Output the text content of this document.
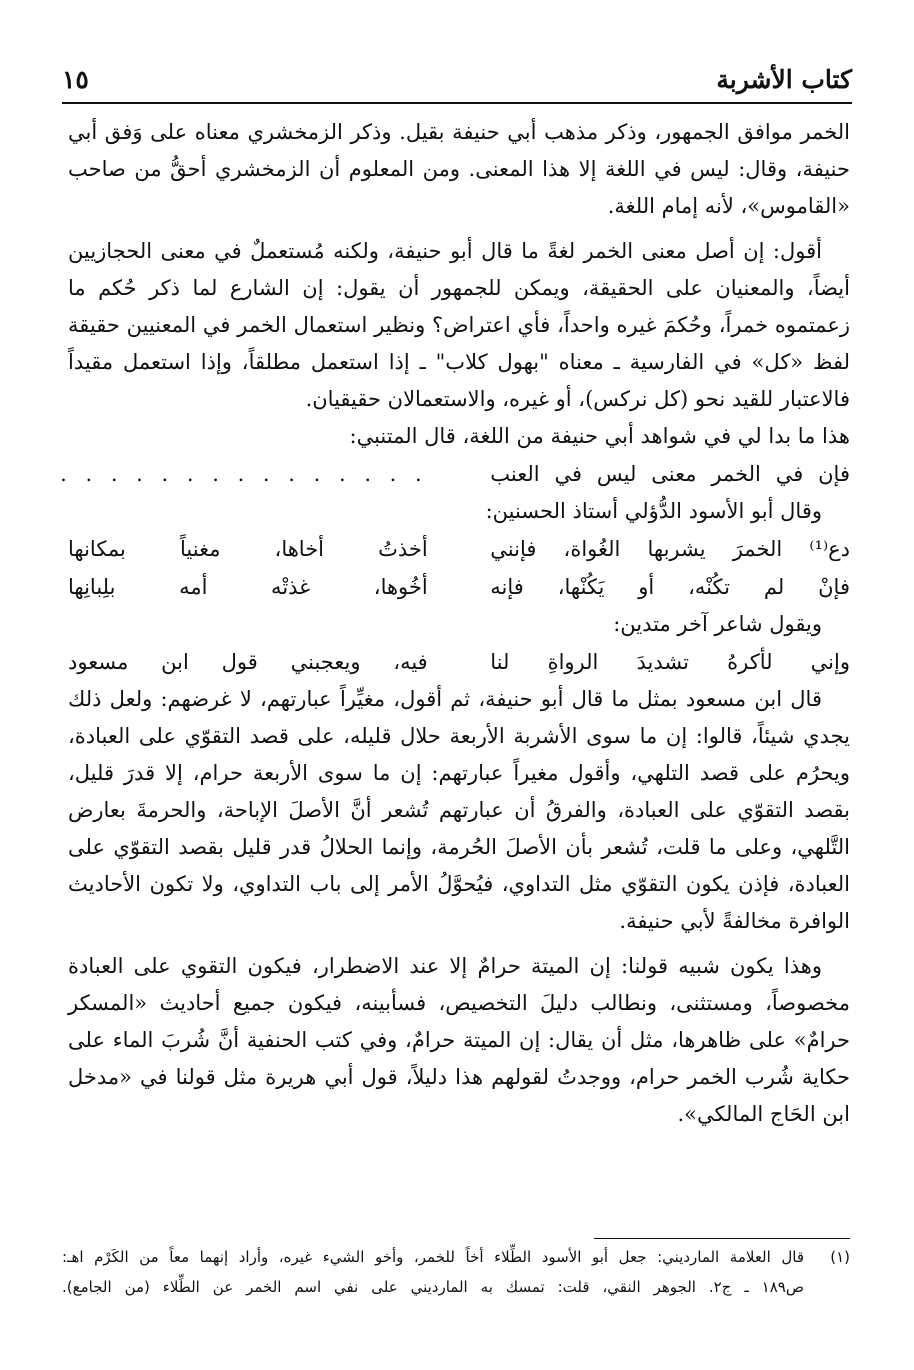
كتاب الأشربة
١٥

الخمر موافق الجمهور، وذكر مذهب أبي حنيفة بقيل. وذكر الزمخشري معناه على وَفق أبي حنيفة، وقال: ليس في اللغة إلا هذا المعنى. ومن المعلوم أن الزمخشري أحقُّ من صاحب «القاموس»، لأنه إمام اللغة.

أقول: إن أصل معنى الخمر لغةً ما قال أبو حنيفة، ولكنه مُستعملٌ في معنى الحجازيين أيضاً، والمعنيان على الحقيقة، ويمكن للجمهور أن يقول: إن الشارع لما ذكر حُكم ما زعمتموه خمراً، وحُكمَ غيره واحداً، فأي اعتراض؟ ونظير استعمال الخمر في المعنيين حقيقة لفظ «كل» في الفارسية ـ معناه "بهول كلاب" ـ إذا استعمل مطلقاً، وإذا استعمل مقيداً فالاعتبار للقيد نحو (كل نركس)، أو غيره، والاستعمالان حقيقيان.

هذا ما بدا لي في شواهد أبي حنيفة من اللغة، قال المتنبي:

فإن في الخمر معنى ليس في العنب
. . . . . . . . . . . . . . .

وقال أبو الأسود الدُّؤلي أستاذ الحسنين:

دع⁽¹⁾ الخمرَ يشربها الغُواة، فإنني
أخذتُ أخاها، مغنياً بمكانها
فإنْ لم تكُنْه، أو يَكُنْها، فإنه
أخُوها، غذتْه أمه بلِبانِها

ويقول شاعر آخر متدين:

وإني لأكرهُ تشديدَ الرواةِ لنا
فيه، ويعجبني قول ابن مسعود

قال ابن مسعود بمثل ما قال أبو حنيفة، ثم أقول، مغيِّراً عبارتهم، لا غرضهم: ولعل ذلك يجدي شيئاً، قالوا: إن ما سوى الأشربة الأربعة حلال قليله، على قصد التقوّي على العبادة، ويحرُم على قصد التلهي، وأقول مغيراً عبارتهم: إن ما سوى الأربعة حرام، إلا قدرَ قليل، بقصد التقوّي على العبادة، والفرقُ أن عبارتهم تُشعر أنَّ الأصلَ الإباحة، والحرمةَ بعارض التَّلهي، وعلى ما قلت، تُشعر بأن الأصلَ الحُرمة، وإنما الحلالُ قدر قليل بقصد التقوّي على العبادة، فإذن يكون التقوّي مثل التداوي، فيُحوَّلُ الأمر إلى باب التداوي، ولا تكون الأحاديث الوافرة مخالفةً لأبي حنيفة.

وهذا يكون شبيه قولنا: إن الميتة حرامٌ إلا عند الاضطرار، فيكون التقوي على العبادة مخصوصاً، ومستثنى، ونطالب دليلَ التخصيص، فسأبينه، فيكون جميع أحاديث «المسكر حرامٌ» على ظاهرها، مثل أن يقال: إن الميتة حرامٌ، وفي كتب الحنفية أنَّ شُربَ الماء على حكاية شُرب الخمر حرام، ووجدتُ لقولهم هذا دليلاً، قول أبي هريرة مثل قولنا في «مدخل ابن الحَاج المالكي».

(١)
قال العلامة المارديني: جعل أبو الأسود الطِّلاء أخاً للخمر، وأخو الشيء غيره، وأراد إنهما معاً من الكَرْم اهـ:
ص١٨٩ ـ ج٢. الجوهر النقي، قلت: تمسك به المارديني على نفي اسم الخمر عن الطِّلاء (من الجامع).
